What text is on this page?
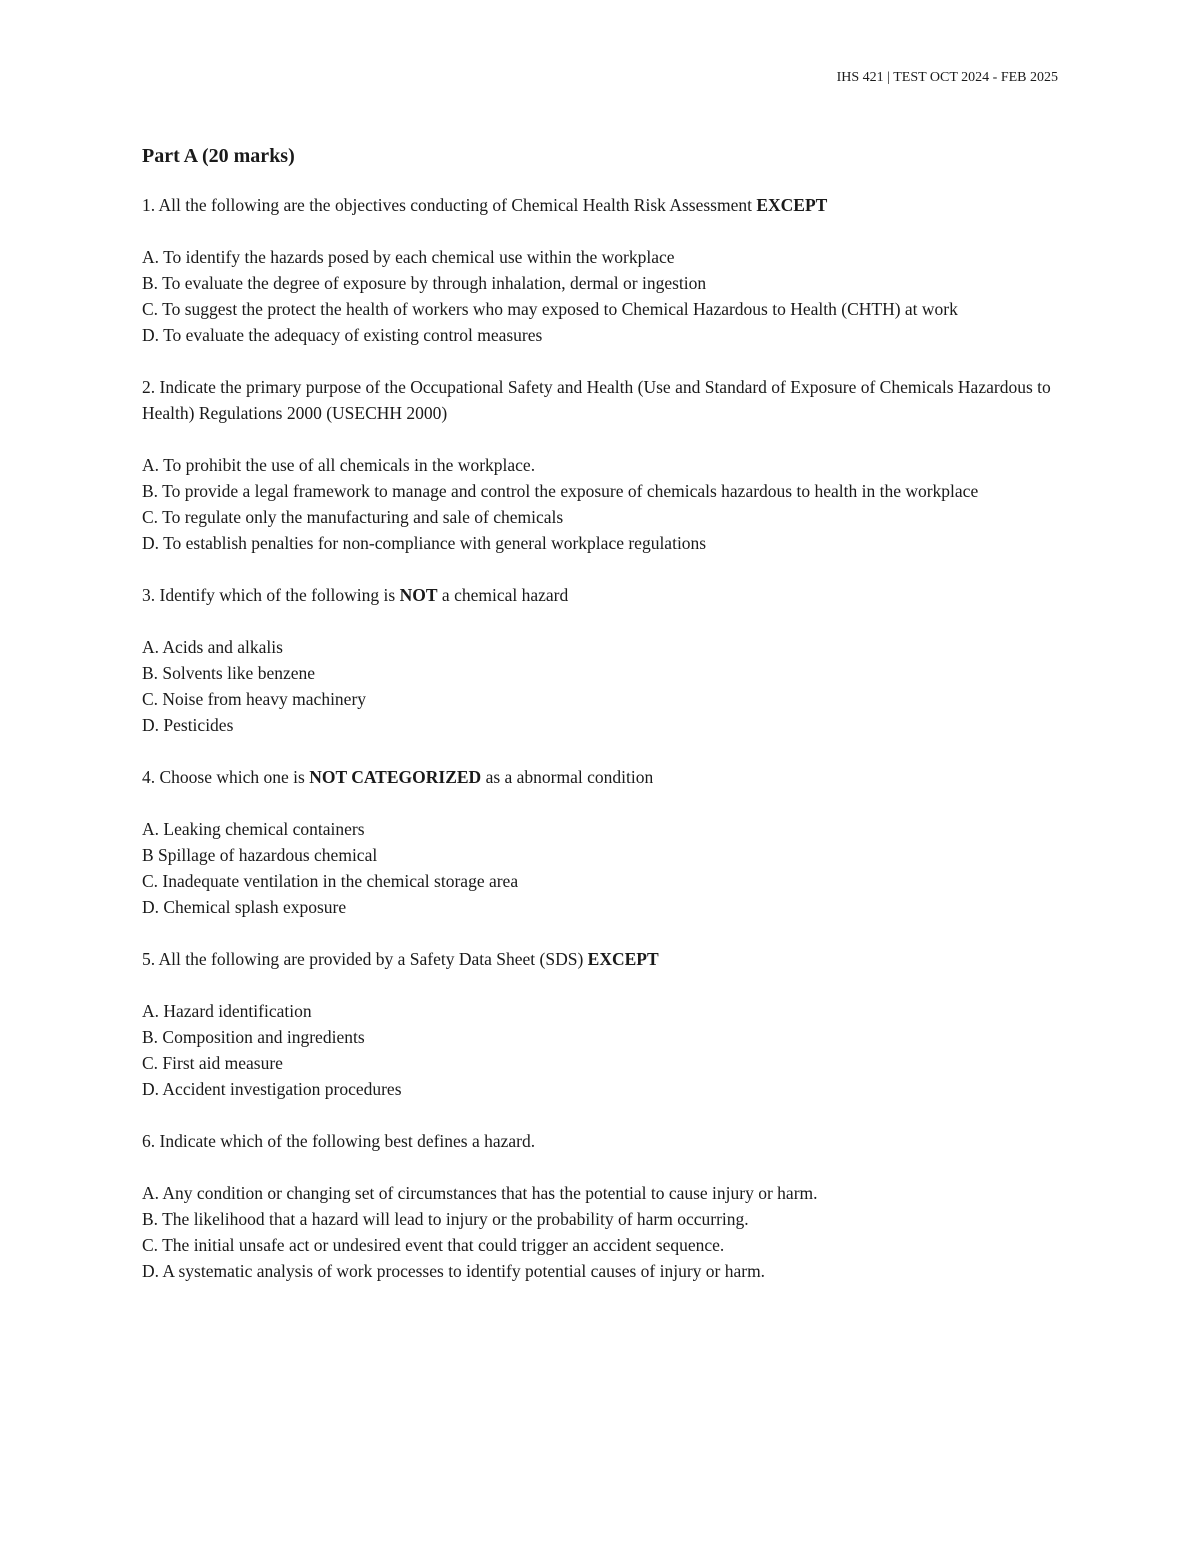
IHS 421 | TEST OCT 2024 - FEB 2025
Part A (20 marks)
1. All the following are the objectives conducting of Chemical Health Risk Assessment EXCEPT
A. To identify the hazards posed by each chemical use within the workplace
B. To evaluate the degree of exposure by through inhalation, dermal or ingestion
C. To suggest the protect the health of workers who may exposed to Chemical Hazardous to Health (CHTH) at work
D. To evaluate the adequacy of existing control measures
2. Indicate the primary purpose of the Occupational Safety and Health (Use and Standard of Exposure of Chemicals Hazardous to Health) Regulations 2000 (USECHH 2000)
A. To prohibit the use of all chemicals in the workplace.
B. To provide a legal framework to manage and control the exposure of chemicals hazardous to health in the workplace
C. To regulate only the manufacturing and sale of chemicals
D. To establish penalties for non-compliance with general workplace regulations
3. Identify which of the following is NOT a chemical hazard
A. Acids and alkalis
B. Solvents like benzene
C. Noise from heavy machinery
D. Pesticides
4. Choose which one is NOT CATEGORIZED as a abnormal condition
A. Leaking chemical containers
B Spillage of hazardous chemical
C. Inadequate ventilation in the chemical storage area
D. Chemical splash exposure
5. All the following are provided by a Safety Data Sheet (SDS) EXCEPT
A. Hazard identification
B. Composition and ingredients
C. First aid measure
D. Accident investigation procedures
6. Indicate which of the following best defines a hazard.
A. Any condition or changing set of circumstances that has the potential to cause injury or harm.
B. The likelihood that a hazard will lead to injury or the probability of harm occurring.
C. The initial unsafe act or undesired event that could trigger an accident sequence.
D. A systematic analysis of work processes to identify potential causes of injury or harm.
